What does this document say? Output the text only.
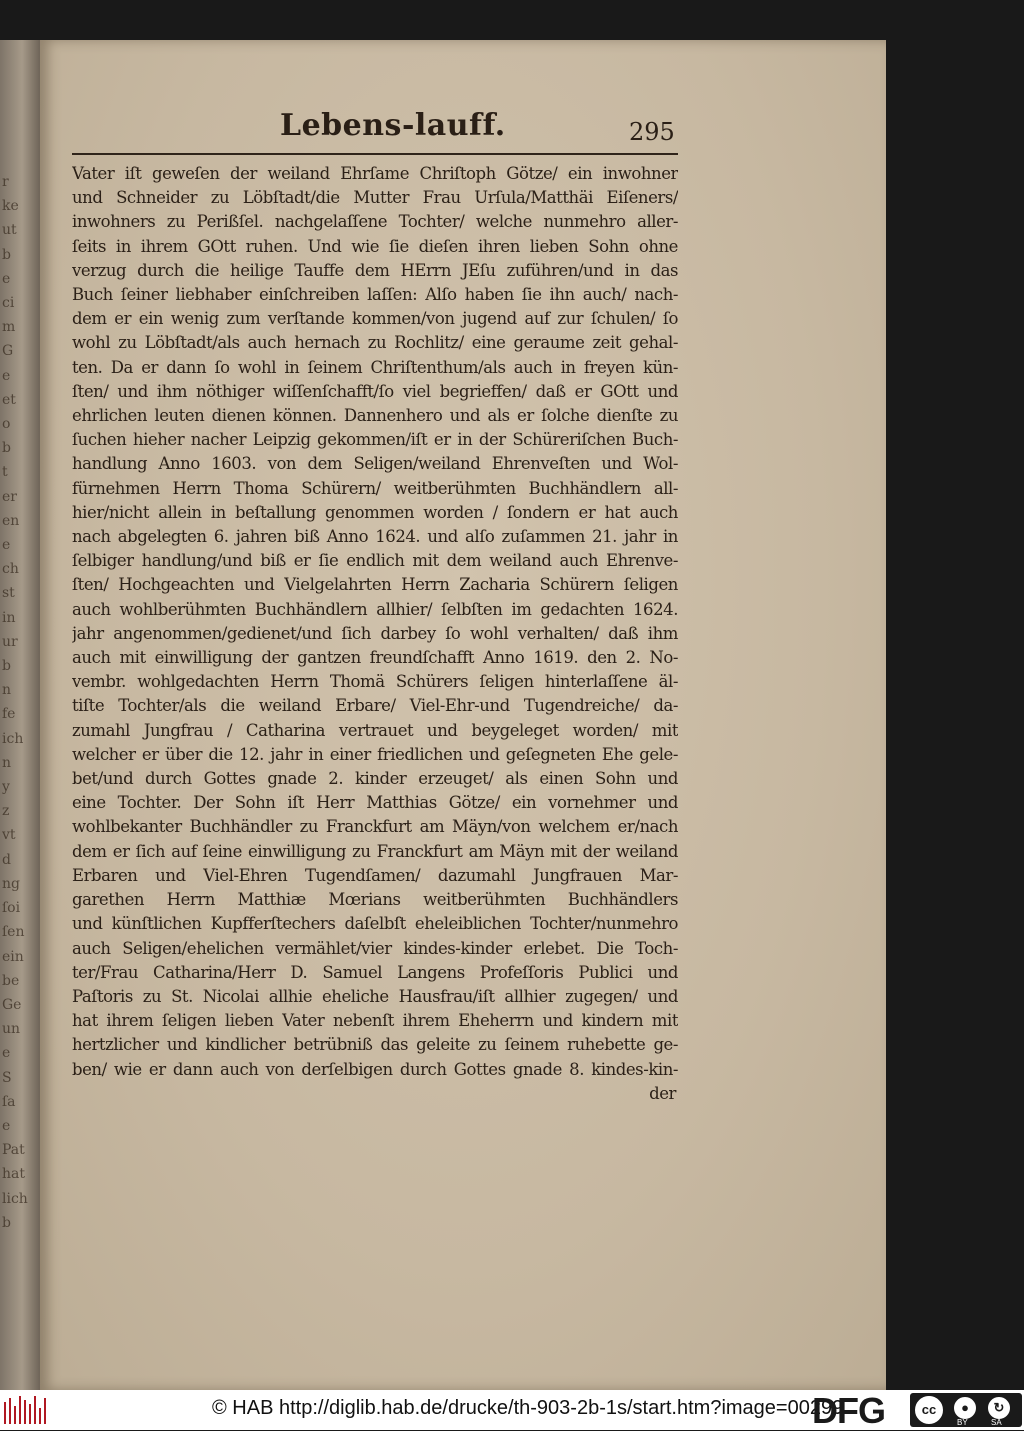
r
ke
ut
b
e
ci
m
G
e
et
o
b
t
er
en
e
ch
st
in
ur
b
n
fe
ich
n
y
z
vt
d
ng
ſoi
ſen
ein
be
Ge
un
e
S
ſa
e
Pat
hat
lich
b
Lebens-lauff.	295
Vater iſt geweſen der weiland Ehrſame Chriſtoph Götze/ ein inwohner
und Schneider zu Löbſtadt/die Mutter Frau Urſula/Matthäi Eiſeners/
inwohners zu Perißſel. nachgelaſſene Tochter/ welche nunmehro aller-
ſeits in ihrem GOtt ruhen. Und wie ſie dieſen ihren lieben Sohn ohne
verzug durch die heilige Tauffe dem HErrn JEſu zuführen/und in das
Buch ſeiner liebhaber einſchreiben laſſen: Alſo haben ſie ihn auch/ nach-
dem er ein wenig zum verſtande kommen/von jugend auf zur ſchulen/ ſo
wohl zu Löbſtadt/als auch hernach zu Rochlitz/ eine geraume zeit gehal-
ten. Da er dann ſo wohl in ſeinem Chriſtenthum/als auch in freyen kün-
ſten/ und ihm nöthiger wiſſenſchafft/ſo viel begrieffen/ daß er GOtt und
ehrlichen leuten dienen können. Dannenhero und als er ſolche dienſte zu
ſuchen hieher nacher Leipzig gekommen/iſt er in der Schüreriſchen Buch-
handlung Anno 1603. von dem Seligen/weiland Ehrenveſten und Wol-
fürnehmen Herrn Thoma Schürern/ weitberühmten Buchhändlern all-
hier/nicht allein in beſtallung genommen worden / ſondern er hat auch
nach abgelegten 6. jahren biß Anno 1624. und alſo zuſammen 21. jahr in
ſelbiger handlung/und biß er ſie endlich mit dem weiland auch Ehrenve-
ſten/ Hochgeachten und Vielgelahrten Herrn Zacharia Schürern ſeligen
auch wohlberühmten Buchhändlern allhier/ ſelbſten im gedachten 1624.
jahr angenommen/gedienet/und ſich darbey ſo wohl verhalten/ daß ihm
auch mit einwilligung der gantzen freundſchafft Anno 1619. den 2. No-
vembr. wohlgedachten Herrn Thomä Schürers ſeligen hinterlaſſene äl-
tiſte Tochter/als die weiland Erbare/ Viel-Ehr-und Tugendreiche/ da-
zumahl Jungfrau / Catharina vertrauet und beygeleget worden/ mit
welcher er über die 12. jahr in einer friedlichen und geſegneten Ehe gele-
bet/und durch Gottes gnade 2. kinder erzeuget/ als einen Sohn und
eine Tochter. Der Sohn iſt Herr Matthias Götze/ ein vornehmer und
wohlbekanter Buchhändler zu Franckfurt am Mäyn/von welchem er/nach
dem er ſich auf ſeine einwilligung zu Franckfurt am Mäyn mit der weiland
Erbaren und Viel-Ehren Tugendſamen/ dazumahl Jungfrauen Mar-
garethen Herrn Matthiæ Mœrians weitberühmten Buchhändlers
und künſtlichen Kupfferſtechers daſelbſt eheleiblichen Tochter/nunmehro
auch Seligen/ehelichen vermählet/vier kindes-kinder erlebet. Die Toch-
ter/Frau Catharina/Herr D. Samuel Langens Profeſſoris Publici und
Paſtoris zu St. Nicolai allhie eheliche Hausfrau/iſt allhier zugegen/ und
hat ihrem ſeligen lieben Vater nebenſt ihrem Eheherrn und kindern mit
hertzlicher und kindlicher betrübniß das geleite zu ſeinem ruhebette ge-
ben/ wie er dann auch von derſelbigen durch Gottes gnade 8. kindes-kin-
der
© HAB http://diglib.hab.de/drucke/th-903-2b-1s/start.htm?image=00299
DFG	cc	●	↻
BY	SA
